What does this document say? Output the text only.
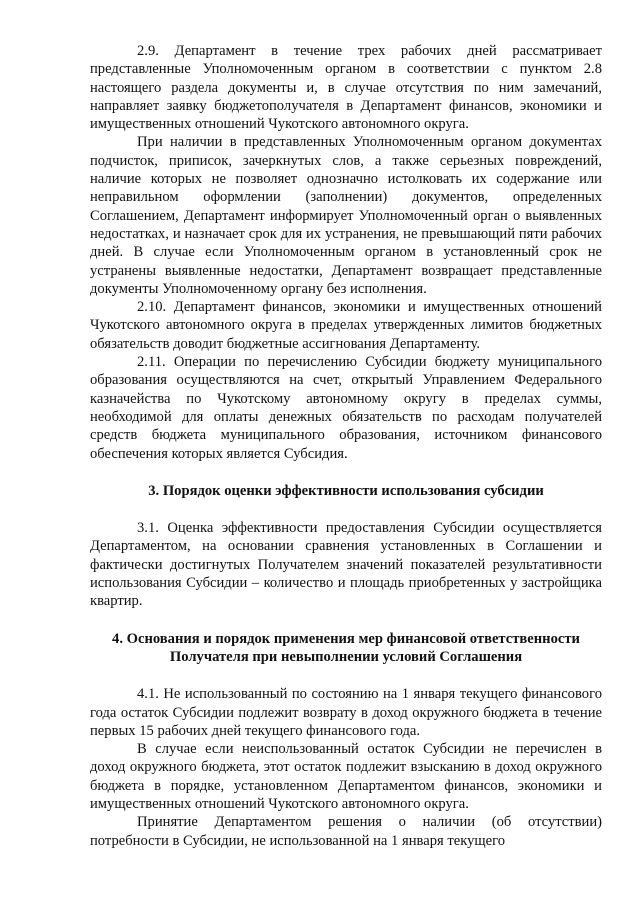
2.9. Департамент в течение трех рабочих дней рассматривает представленные Уполномоченным органом в соответствии с пунктом 2.8 настоящего раздела документы и, в случае отсутствия по ним замечаний, направляет заявку бюджетополучателя в Департамент финансов, экономики и имущественных отношений Чукотского автономного округа.

При наличии в представленных Уполномоченным органом документах подчисток, приписок, зачеркнутых слов, а также серьезных повреждений, наличие которых не позволяет однозначно истолковать их содержание или неправильном оформлении (заполнении) документов, определенных Соглашением, Департамент информирует Уполномоченный орган о выявленных недостатках, и назначает срок для их устранения, не превышающий пяти рабочих дней. В случае если Уполномоченным органом в установленный срок не устранены выявленные недостатки, Департамент возвращает представленные документы Уполномоченному органу без исполнения.

2.10. Департамент финансов, экономики и имущественных отношений Чукотского автономного округа в пределах утвержденных лимитов бюджетных обязательств доводит бюджетные ассигнования Департаменту.

2.11. Операции по перечислению Субсидии бюджету муниципального образования осуществляются на счет, открытый Управлением Федерального казначейства по Чукотскому автономному округу в пределах суммы, необходимой для оплаты денежных обязательств по расходам получателей средств бюджета муниципального образования, источником финансового обеспечения которых является Субсидия.

3. Порядок оценки эффективности использования субсидии

3.1. Оценка эффективности предоставления Субсидии осуществляется Департаментом, на основании сравнения установленных в Соглашении и фактически достигнутых Получателем значений показателей результативности использования Субсидии – количество и площадь приобретенных у застройщика квартир.

4. Основания и порядок применения мер финансовой ответственности
Получателя при невыполнении условий Соглашения

4.1. Не использованный по состоянию на 1 января текущего финансового года остаток Субсидии подлежит возврату в доход окружного бюджета в течение первых 15 рабочих дней текущего финансового года.

В случае если неиспользованный остаток Субсидии не перечислен в доход окружного бюджета, этот остаток подлежит взысканию в доход окружного бюджета в порядке, установленном Департаментом финансов, экономики и имущественных отношений Чукотского автономного округа.

Принятие Департаментом решения о наличии (об отсутствии) потребности в Субсидии, не использованной на 1 января текущего
